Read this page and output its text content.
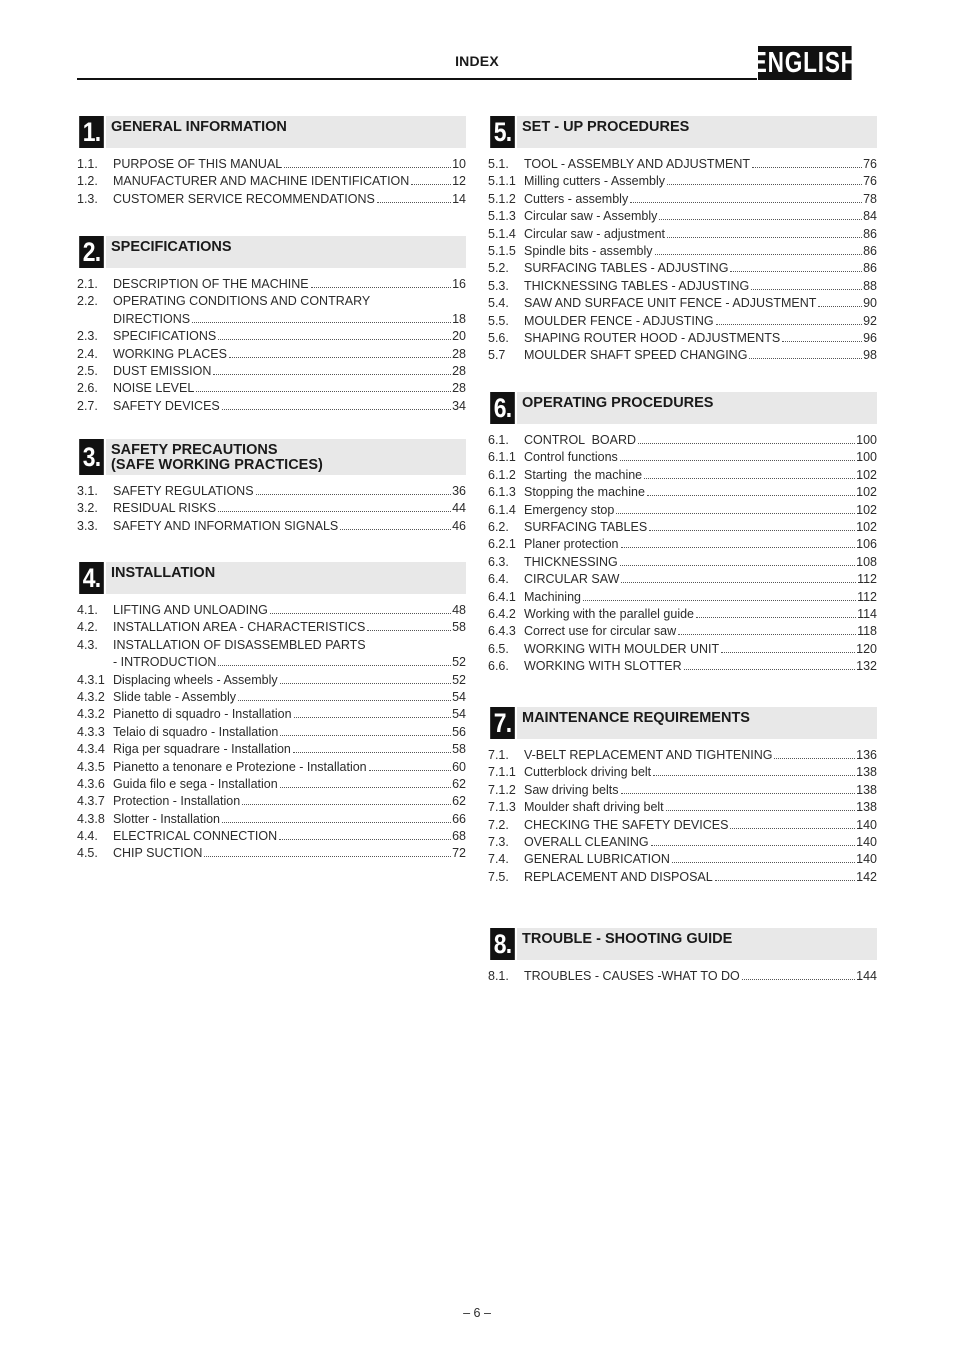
INDEX	ENGLISH
1. GENERAL INFORMATION
1.1.	PURPOSE OF THIS MANUAL	10
1.2.	MANUFACTURER AND MACHINE IDENTIFICATION	12
1.3.	CUSTOMER SERVICE RECOMMENDATIONS	14
2. SPECIFICATIONS
2.1.	DESCRIPTION OF THE MACHINE	16
2.2.	OPERATING CONDITIONS AND CONTRARY
DIRECTIONS	18
2.3.	SPECIFICATIONS	20
2.4.	WORKING PLACES	28
2.5.	DUST EMISSION	28
2.6.	NOISE LEVEL	28
2.7.	SAFETY DEVICES	34
3. SAFETY PRECAUTIONS
(SAFE WORKING PRACTICES)
3.1.	SAFETY REGULATIONS	36
3.2.	RESIDUAL RISKS	44
3.3.	SAFETY AND INFORMATION SIGNALS	46
4. INSTALLATION
4.1.	LIFTING AND UNLOADING	48
4.2.	INSTALLATION AREA - CHARACTERISTICS	58
4.3.	INSTALLATION OF DISASSEMBLED PARTS
- INTRODUCTION	52
4.3.1 Displacing wheels - Assembly	52
4.3.2 Slide table - Assembly	54
4.3.2 Pianetto di squadro - Installation	54
4.3.3 Telaio di squadro - Installation	56
4.3.4 Riga per squadrare - Installation	58
4.3.5 Pianetto a tenonare e Protezione - Installation	60
4.3.6 Guida filo e sega - Installation	62
4.3.7 Protection - Installation	62
4.3.8 Slotter - Installation	66
4.4.	ELECTRICAL CONNECTION	68
4.5.	CHIP SUCTION	72
5. SET - UP PROCEDURES
5.1.	TOOL - ASSEMBLY AND ADJUSTMENT	76
5.1.1 Milling cutters - Assembly	76
5.1.2 Cutters - assembly	78
5.1.3 Circular saw - Assembly	84
5.1.4 Circular saw - adjustment	86
5.1.5 Spindle bits - assembly	86
5.2.	SURFACING TABLES - ADJUSTING	86
5.3.	THICKNESSING TABLES - ADJUSTING	88
5.4.	SAW AND SURFACE UNIT FENCE - ADJUSTMENT	90
5.5.	MOULDER FENCE - ADJUSTING	92
5.6.	SHAPING ROUTER HOOD - ADJUSTMENTS	96
5.7	MOULDER SHAFT SPEED CHANGING	98
6. OPERATING PROCEDURES
6.1.	CONTROL  BOARD	100
6.1.1 Control functions	100
6.1.2 Starting  the machine	102
6.1.3 Stopping the machine	102
6.1.4 Emergency stop	102
6.2.	SURFACING TABLES	102
6.2.1 Planer protection	106
6.3.	THICKNESSING	108
6.4.	CIRCULAR SAW	112
6.4.1 Machining	112
6.4.2 Working with the parallel guide	114
6.4.3 Correct use for circular saw	118
6.5.	WORKING WITH MOULDER UNIT	120
6.6.	WORKING WITH SLOTTER	132
7. MAINTENANCE REQUIREMENTS
7.1.	V-BELT REPLACEMENT AND TIGHTENING	136
7.1.1 Cutterblock driving belt	138
7.1.2 Saw driving belts	138
7.1.3 Moulder shaft driving belt	138
7.2.	CHECKING THE SAFETY DEVICES	140
7.3.	OVERALL CLEANING	140
7.4.	GENERAL LUBRICATION	140
7.5.	REPLACEMENT AND DISPOSAL	142
8. TROUBLE - SHOOTING GUIDE
8.1.	TROUBLES - CAUSES -WHAT TO DO	144
– 6 –
